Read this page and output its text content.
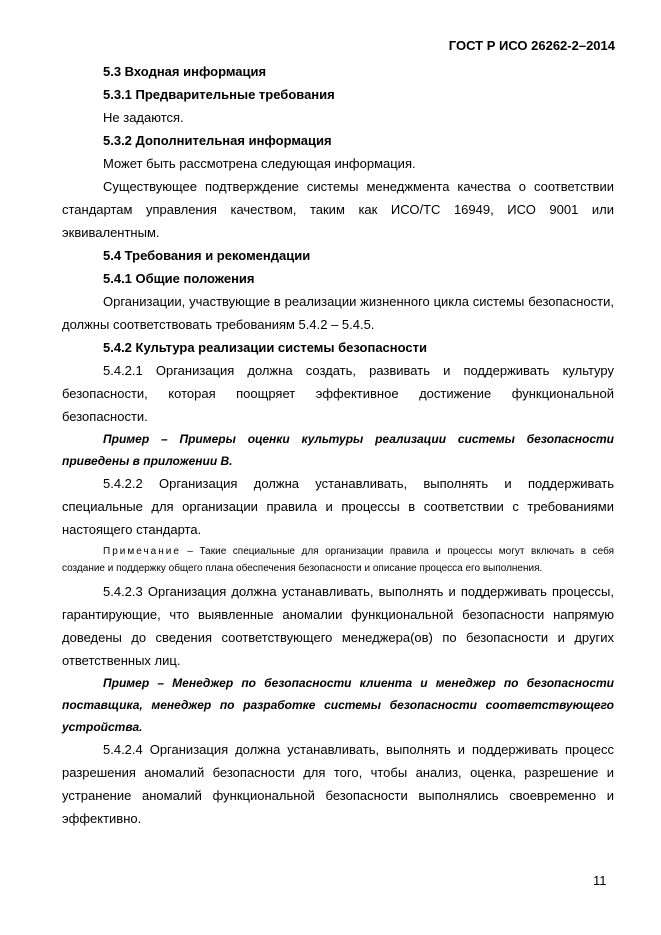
ГОСТ Р ИСО 26262-2–2014

5.3 Входная информация

5.3.1 Предварительные требования

Не задаются.

5.3.2 Дополнительная информация

Может быть рассмотрена следующая информация.

Существующее подтверждение системы менеджмента качества о соответствии стандартам управления качеством, таким как ИСО/ТС 16949, ИСО 9001 или эквивалентным.

5.4 Требования и рекомендации

5.4.1 Общие положения

Организации, участвующие в реализации жизненного цикла системы безопасности, должны соответствовать требованиям 5.4.2 – 5.4.5.

5.4.2 Культура реализации системы безопасности

5.4.2.1 Организация должна создать, развивать и поддерживать культуру безопасности, которая поощряет эффективное достижение функциональной безопасности.

Пример – Примеры оценки культуры реализации системы безопасности приведены в приложении В.

5.4.2.2 Организация должна устанавливать, выполнять и поддерживать специальные для организации правила и процессы в соответствии с требованиями настоящего стандарта.

Примечание – Такие специальные для организации правила и процессы могут включать в себя создание и поддержку общего плана обеспечения безопасности и описание процесса его выполнения.

5.4.2.3 Организация должна устанавливать, выполнять и поддерживать процессы, гарантирующие, что выявленные аномалии функциональной безопасности напрямую доведены до сведения соответствующего менеджера(ов) по безопасности и других ответственных лиц.

Пример – Менеджер по безопасности клиента и менеджер по безопасности поставщика, менеджер по разработке системы безопасности соответствующего устройства.

5.4.2.4 Организация должна устанавливать, выполнять и поддерживать процесс разрешения аномалий безопасности для того, чтобы анализ, оценка, разрешение и устранение аномалий функциональной безопасности выполнялись своевременно и эффективно.

11
